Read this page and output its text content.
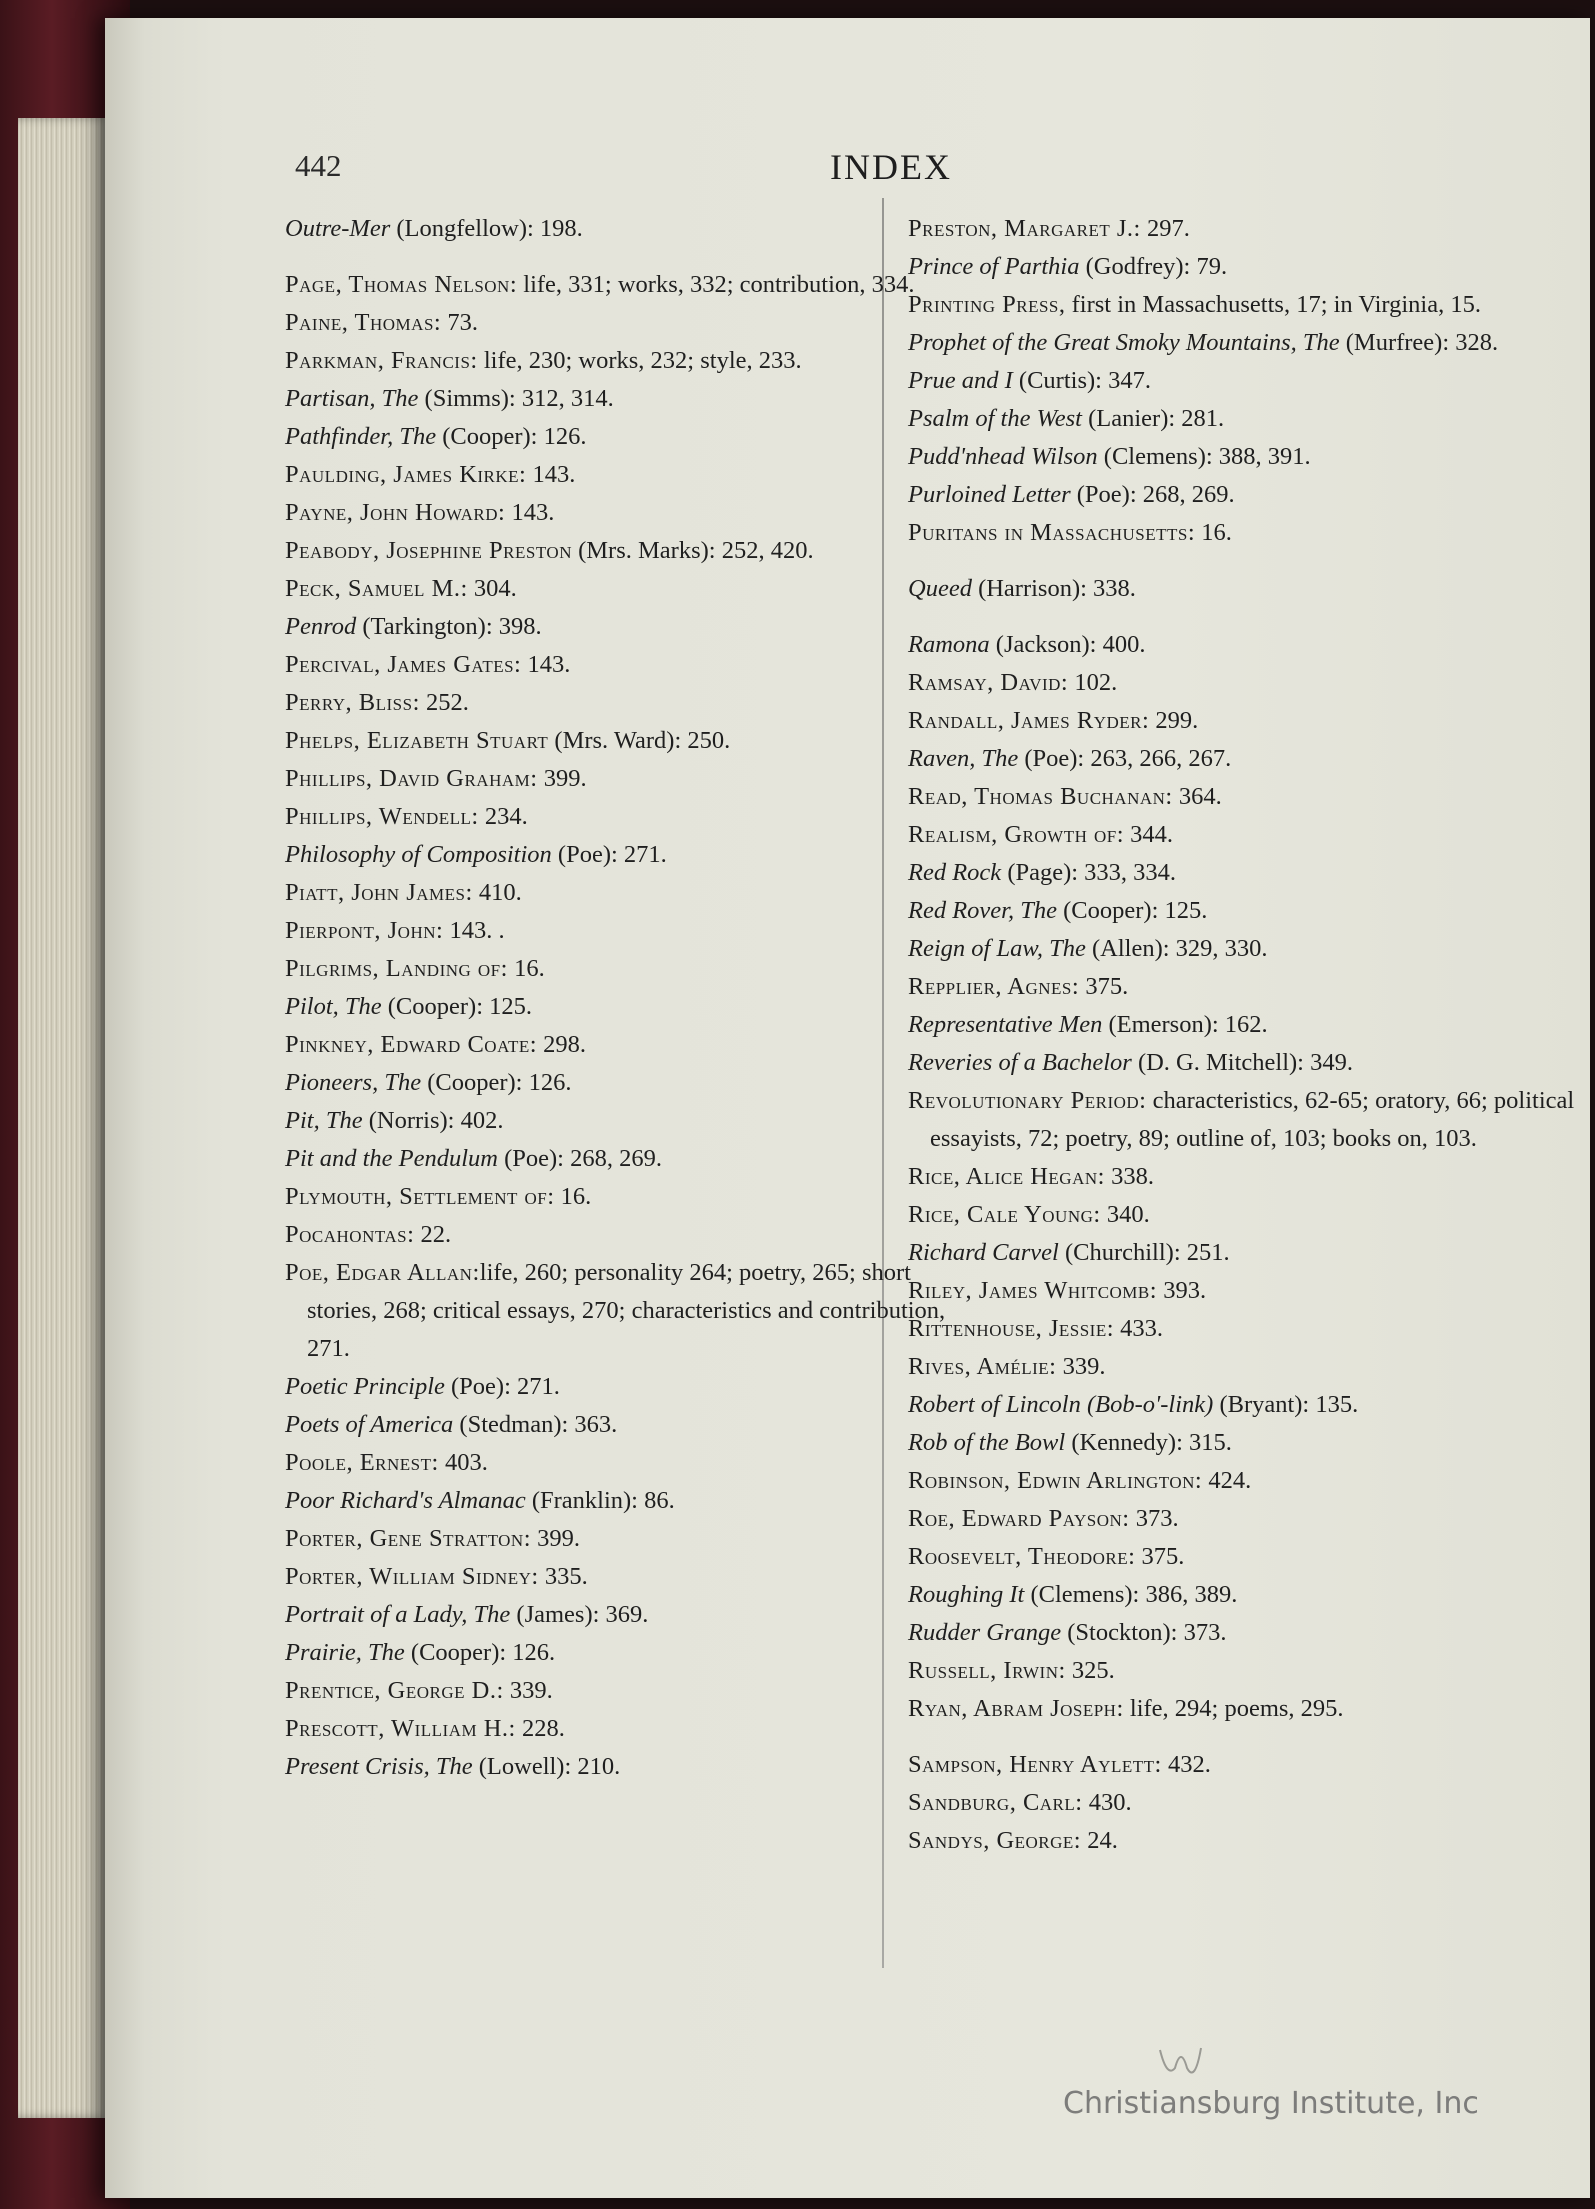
442	INDEX

Outre-Mer (Longfellow): 198.

Page, Thomas Nelson: life, 331; works, 332; contribution, 334.

Paine, Thomas: 73.

Parkman, Francis: life, 230; works, 232; style, 233.

Partisan, The (Simms): 312, 314.

Pathfinder, The (Cooper): 126.

Paulding, James Kirke: 143.

Payne, John Howard: 143.

Peabody, Josephine Preston (Mrs. Marks): 252, 420.

Peck, Samuel M.: 304.

Penrod (Tarkington): 398.

Percival, James Gates: 143.

Perry, Bliss: 252.

Phelps, Elizabeth Stuart (Mrs. Ward): 250.

Phillips, David Graham: 399.

Phillips, Wendell: 234.

Philosophy of Composition (Poe): 271.

Piatt, John James: 410.

Pierpont, John: 143. .

Pilgrims, Landing of: 16.

Pilot, The (Cooper): 125.

Pinkney, Edward Coate: 298.

Pioneers, The (Cooper): 126.

Pit, The (Norris): 402.

Pit and the Pendulum (Poe): 268, 269.

Plymouth, Settlement of: 16.

Pocahontas: 22.

Poe, Edgar Allan:life, 260; personality 264; poetry, 265; short stories, 268; critical essays, 270; characteristics and contribution, 271.

Poetic Principle (Poe): 271.

Poets of America (Stedman): 363.

Poole, Ernest: 403.

Poor Richard's Almanac (Franklin): 86.

Porter, Gene Stratton: 399.

Porter, William Sidney: 335.

Portrait of a Lady, The (James): 369.

Prairie, The (Cooper): 126.

Prentice, George D.: 339.

Prescott, William H.: 228.

Present Crisis, The (Lowell): 210.

Preston, Margaret J.: 297.

Prince of Parthia (Godfrey): 79.

Printing Press, first in Massachusetts, 17; in Virginia, 15.

Prophet of the Great Smoky Mountains, The (Murfree): 328.

Prue and I (Curtis): 347.

Psalm of the West (Lanier): 281.

Pudd'nhead Wilson (Clemens): 388, 391.

Purloined Letter (Poe): 268, 269.

Puritans in Massachusetts: 16.

Queed (Harrison): 338.

Ramona (Jackson): 400.

Ramsay, David: 102.

Randall, James Ryder: 299.

Raven, The (Poe): 263, 266, 267.

Read, Thomas Buchanan: 364.

Realism, Growth of: 344.

Red Rock (Page): 333, 334.

Red Rover, The (Cooper): 125.

Reign of Law, The (Allen): 329, 330.

Repplier, Agnes: 375.

Representative Men (Emerson): 162.

Reveries of a Bachelor (D. G. Mitchell): 349.

Revolutionary Period: characteristics, 62-65; oratory, 66; political essayists, 72; poetry, 89; outline of, 103; books on, 103.

Rice, Alice Hegan: 338.

Rice, Cale Young: 340.

Richard Carvel (Churchill): 251.

Riley, James Whitcomb: 393.

Rittenhouse, Jessie: 433.

Rives, Amélie: 339.

Robert of Lincoln (Bob-o'-link) (Bryant): 135.

Rob of the Bowl (Kennedy): 315.

Robinson, Edwin Arlington: 424.

Roe, Edward Payson: 373.

Roosevelt, Theodore: 375.

Roughing It (Clemens): 386, 389.

Rudder Grange (Stockton): 373.

Russell, Irwin: 325.

Ryan, Abram Joseph: life, 294; poems, 295.

Sampson, Henry Aylett: 432.

Sandburg, Carl: 430.

Sandys, George: 24.

Christiansburg Institute, Inc
